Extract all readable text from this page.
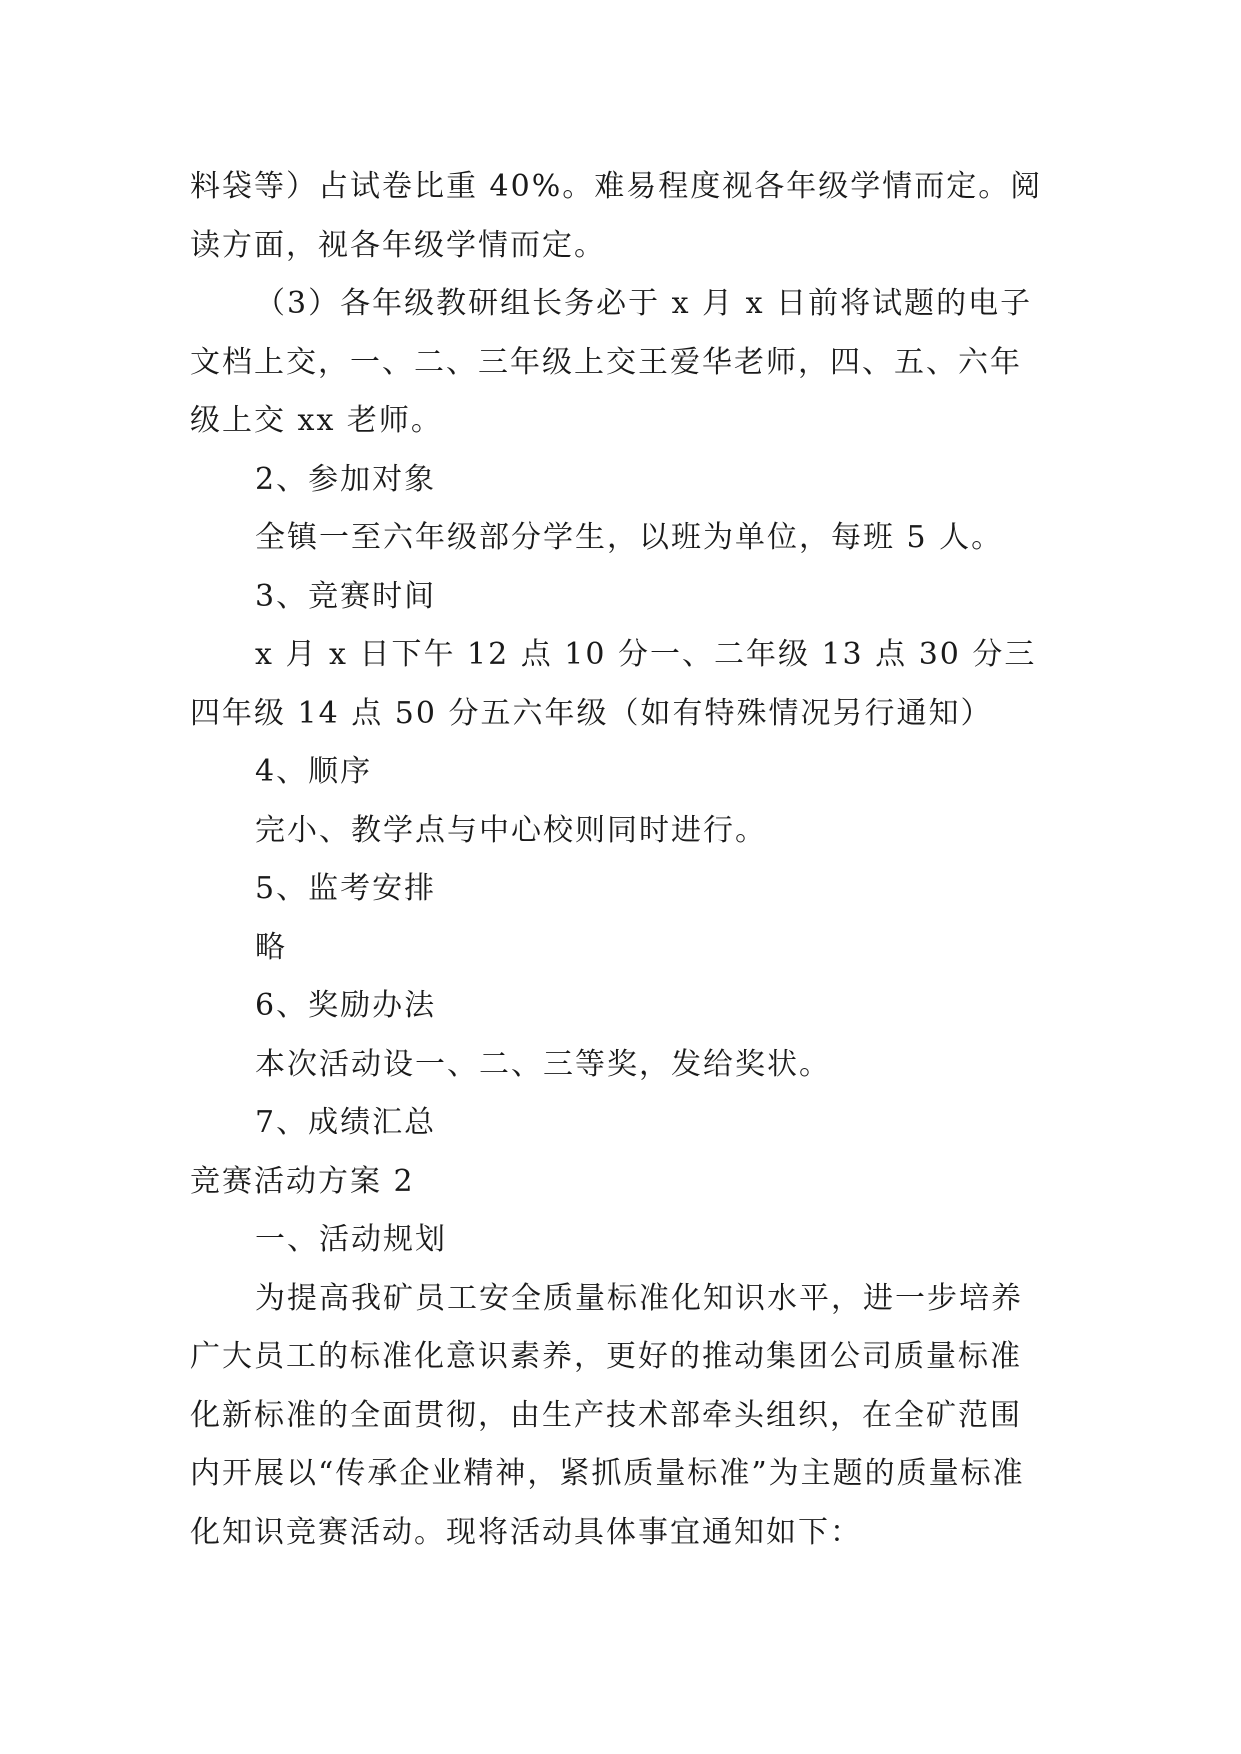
料袋等）占试卷比重 40%。难易程度视各年级学情而定。阅读方面，视各年级学情而定。

（3）各年级教研组长务必于 x 月 x 日前将试题的电子文档上交，一、二、三年级上交王爱华老师，四、五、六年级上交 xx 老师。

2、参加对象

全镇一至六年级部分学生，以班为单位，每班 5 人。

3、竞赛时间

x 月 x 日下午 12 点 10 分一、二年级 13 点 30 分三四年级 14 点 50 分五六年级（如有特殊情况另行通知）

4、顺序

完小、教学点与中心校则同时进行。

5、监考安排

略

6、奖励办法

本次活动设一、二、三等奖，发给奖状。

7、成绩汇总

竞赛活动方案 2

一、活动规划

为提高我矿员工安全质量标准化知识水平，进一步培养广大员工的标准化意识素养，更好的推动集团公司质量标准化新标准的全面贯彻，由生产技术部牵头组织，在全矿范围内开展以“传承企业精神，紧抓质量标准”为主题的质量标准化知识竞赛活动。现将活动具体事宜通知如下：
